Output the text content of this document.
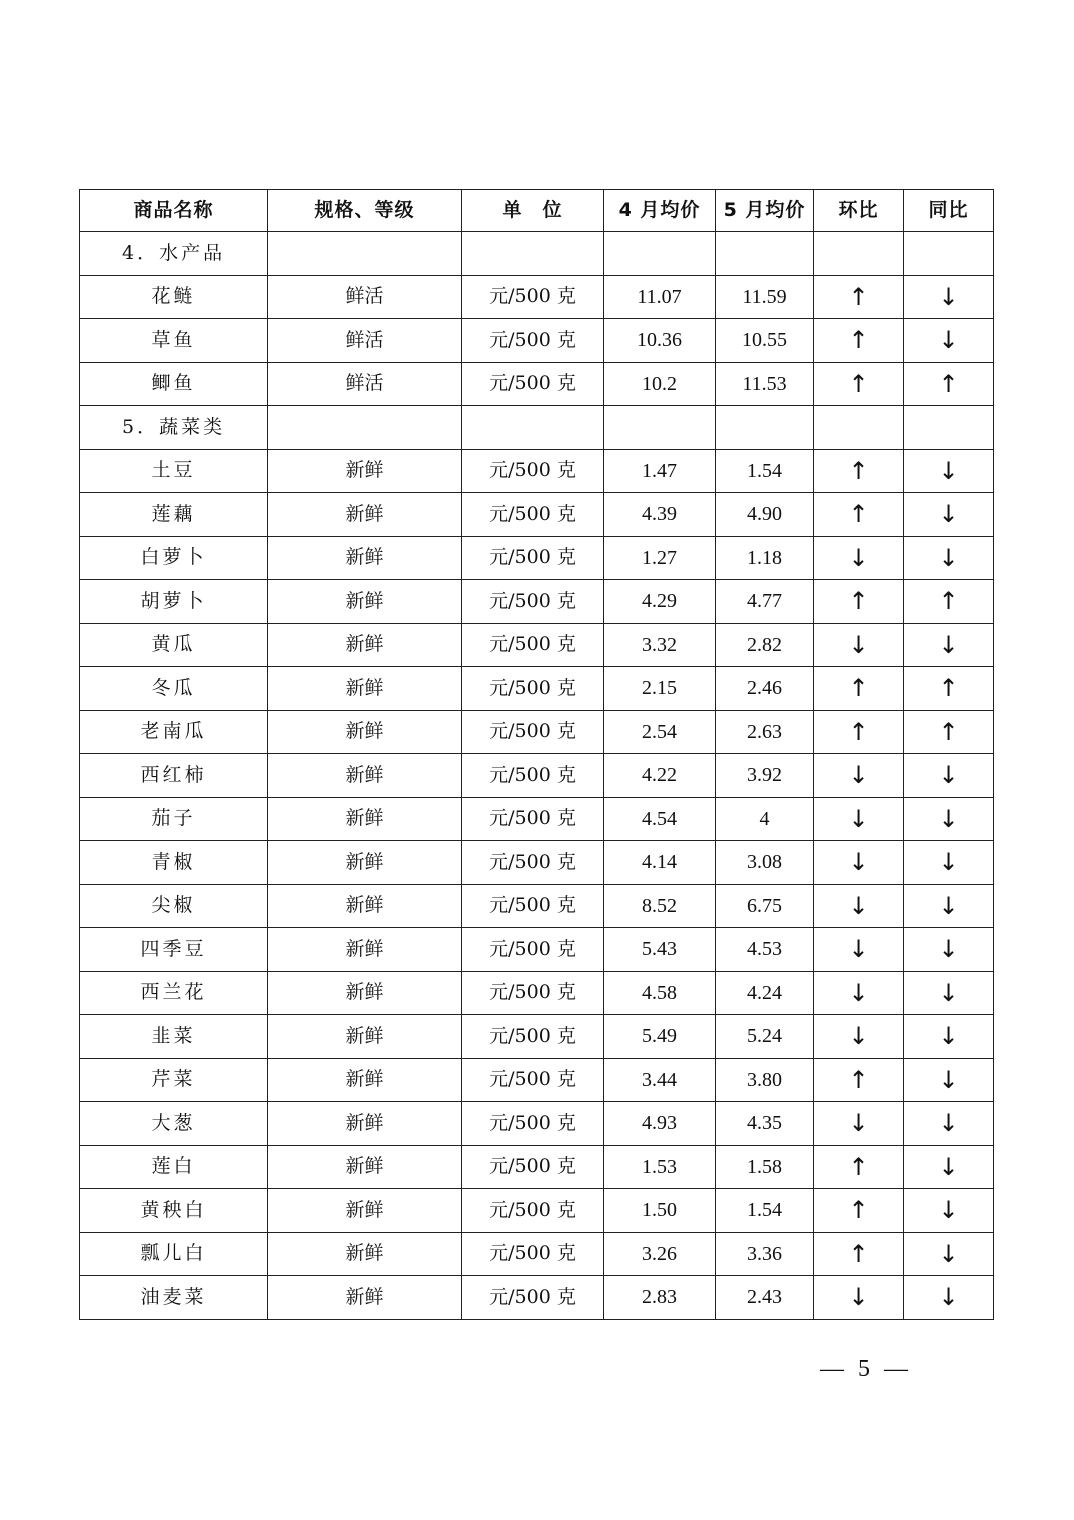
商品名称	规格、等级	单　位	4 月均价	5 月均价	环比	同比
4．水产品						
花鲢	鲜活	元/500 克	11.07	11.59	↑	↓
草鱼	鲜活	元/500 克	10.36	10.55	↑	↓
鲫鱼	鲜活	元/500 克	10.2	11.53	↑	↑
5．蔬菜类						
土豆	新鲜	元/500 克	1.47	1.54	↑	↓
莲藕	新鲜	元/500 克	4.39	4.90	↑	↓
白萝卜	新鲜	元/500 克	1.27	1.18	↓	↓
胡萝卜	新鲜	元/500 克	4.29	4.77	↑	↑
黄瓜	新鲜	元/500 克	3.32	2.82	↓	↓
冬瓜	新鲜	元/500 克	2.15	2.46	↑	↑
老南瓜	新鲜	元/500 克	2.54	2.63	↑	↑
西红柿	新鲜	元/500 克	4.22	3.92	↓	↓
茄子	新鲜	元/500 克	4.54	4	↓	↓
青椒	新鲜	元/500 克	4.14	3.08	↓	↓
尖椒	新鲜	元/500 克	8.52	6.75	↓	↓
四季豆	新鲜	元/500 克	5.43	4.53	↓	↓
西兰花	新鲜	元/500 克	4.58	4.24	↓	↓
韭菜	新鲜	元/500 克	5.49	5.24	↓	↓
芹菜	新鲜	元/500 克	3.44	3.80	↑	↓
大葱	新鲜	元/500 克	4.93	4.35	↓	↓
莲白	新鲜	元/500 克	1.53	1.58	↑	↓
黄秧白	新鲜	元/500 克	1.50	1.54	↑	↓
瓢儿白	新鲜	元/500 克	3.26	3.36	↑	↓
油麦菜	新鲜	元/500 克	2.83	2.43	↓	↓
— 5 —
